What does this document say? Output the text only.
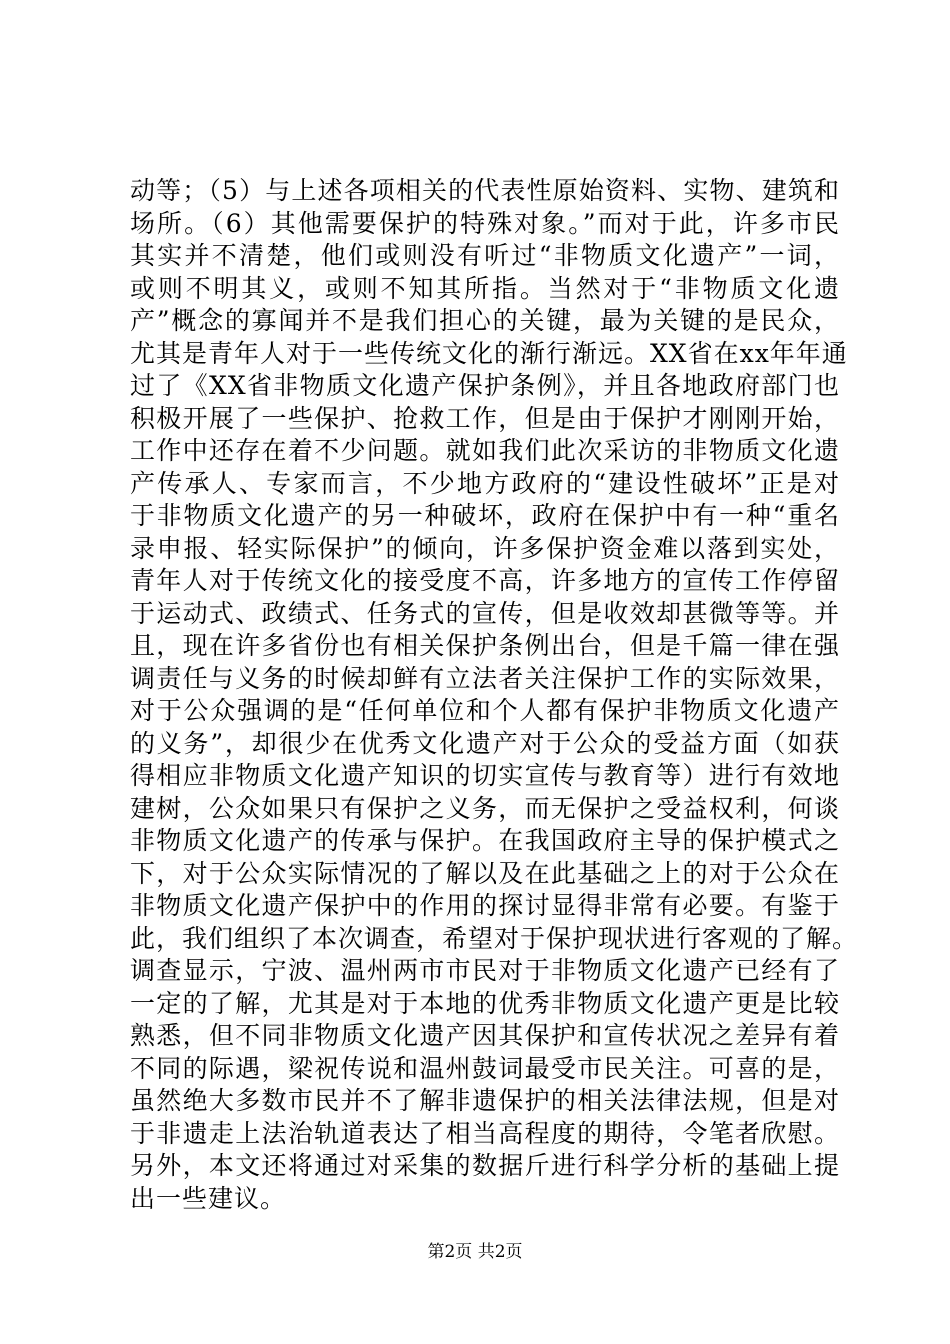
动等；（5）与上述各项相关的代表性原始资料、实物、建筑和
场所。（6）其他需要保护的特殊对象。”而对于此，许多市民
其实并不清楚，他们或则没有听过“非物质文化遗产”一词，
或则不明其义，或则不知其所指。当然对于“非物质文化遗
产”概念的寡闻并不是我们担心的关键，最为关键的是民众，
尤其是青年人对于一些传统文化的渐行渐远。XX省在xx年年通
过了《XX省非物质文化遗产保护条例》，并且各地政府部门也
积极开展了一些保护、抢救工作，但是由于保护才刚刚开始，
工作中还存在着不少问题。就如我们此次采访的非物质文化遗
产传承人、专家而言，不少地方政府的“建设性破坏”正是对
于非物质文化遗产的另一种破坏，政府在保护中有一种“重名
录申报、轻实际保护”的倾向，许多保护资金难以落到实处，
青年人对于传统文化的接受度不高，许多地方的宣传工作停留
于运动式、政绩式、任务式的宣传，但是收效却甚微等等。并
且，现在许多省份也有相关保护条例出台，但是千篇一律在强
调责任与义务的时候却鲜有立法者关注保护工作的实际效果，
对于公众强调的是“任何单位和个人都有保护非物质文化遗产
的义务”，却很少在优秀文化遗产对于公众的受益方面（如获
得相应非物质文化遗产知识的切实宣传与教育等）进行有效地
建树，公众如果只有保护之义务，而无保护之受益权利，何谈
非物质文化遗产的传承与保护。在我国政府主导的保护模式之
下，对于公众实际情况的了解以及在此基础之上的对于公众在
非物质文化遗产保护中的作用的探讨显得非常有必要。有鉴于
此，我们组织了本次调查，希望对于保护现状进行客观的了解。
调查显示，宁波、温州两市市民对于非物质文化遗产已经有了
一定的了解，尤其是对于本地的优秀非物质文化遗产更是比较
熟悉，但不同非物质文化遗产因其保护和宣传状况之差异有着
不同的际遇，梁祝传说和温州鼓词最受市民关注。可喜的是，
虽然绝大多数市民并不了解非遗保护的相关法律法规，但是对
于非遗走上法治轨道表达了相当高程度的期待，令笔者欣慰。
另外，本文还将通过对采集的数据斤进行科学分析的基础上提
出一些建议。
第2页 共2页
